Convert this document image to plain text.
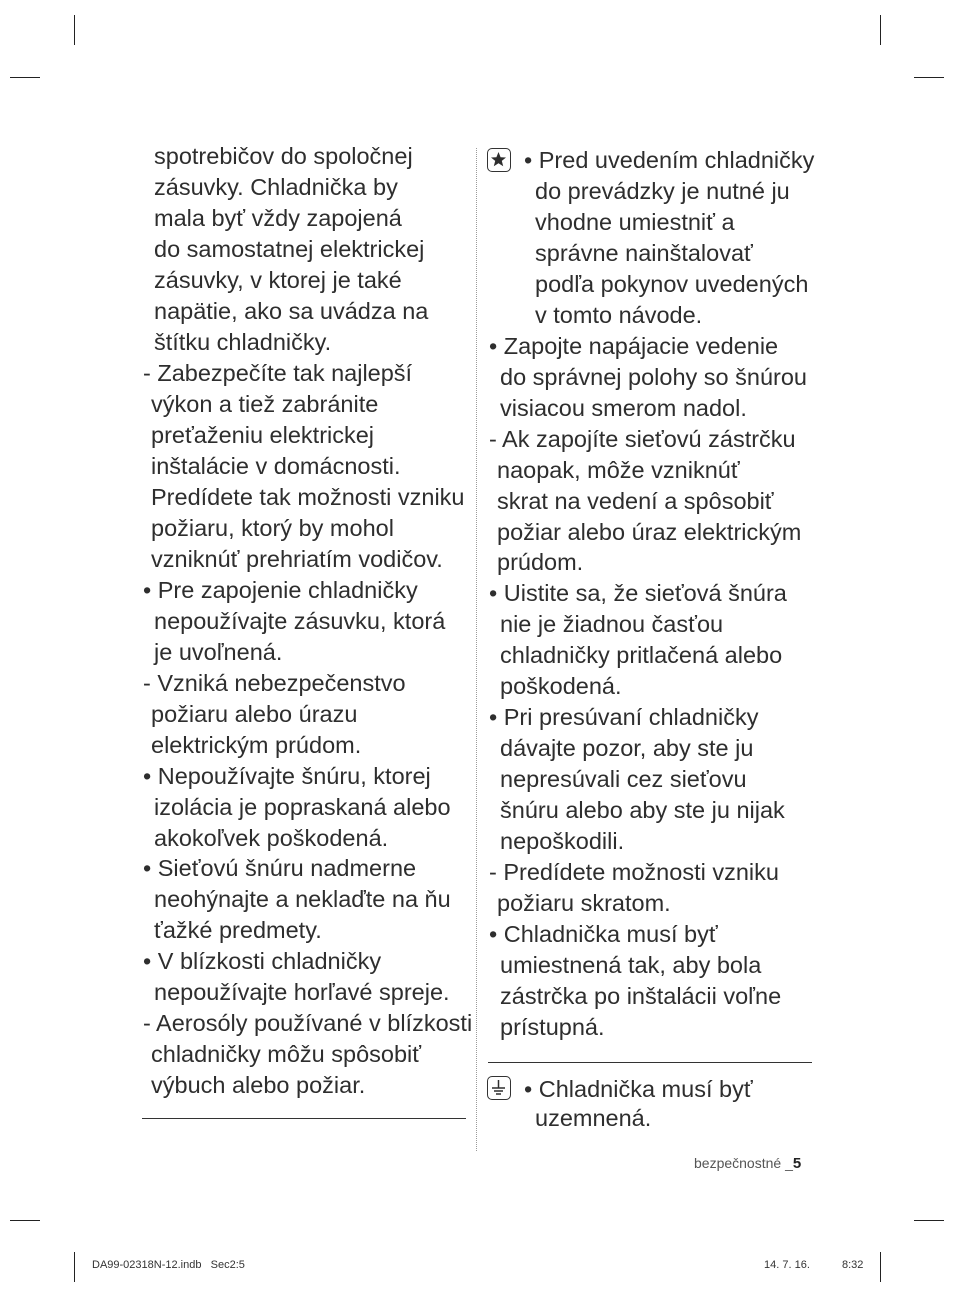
spotrebičov do spoločnej
zásuvky. Chladnička by
mala byť vždy zapojená
do samostatnej elektrickej
zásuvky, v ktorej je také
napätie, ako sa uvádza na
štítku chladničky.
- Zabezpečíte tak najlepší
výkon a tiež zabránite
preťaženiu elektrickej
inštalácie v domácnosti.
Predídete tak možnosti vzniku
požiaru, ktorý by mohol
vzniknúť prehriatím vodičov.
• Pre zapojenie chladničky
nepoužívajte zásuvku, ktorá
je uvoľnená.
- Vzniká nebezpečenstvo
požiaru alebo úrazu
elektrickým prúdom.
• Nepoužívajte šnúru, ktorej
izolácia je popraskaná alebo
akokoľvek poškodená.
• Sieťovú šnúru nadmerne
neohýnajte a neklaďte na ňu
ťažké predmety.
• V blízkosti chladničky
nepoužívajte horľavé spreje.
- Aerosóly používané v blízkosti
chladničky môžu spôsobiť
výbuch alebo požiar.
• Pred uvedením chladničky
do prevádzky je nutné ju
vhodne umiestniť a
správne nainštalovať
podľa pokynov uvedených
v tomto návode.
• Zapojte napájacie vedenie
do správnej polohy so šnúrou
visiacou smerom nadol.
- Ak zapojíte sieťovú zástrčku
naopak, môže vzniknúť
skrat na vedení a spôsobiť
požiar alebo úraz elektrickým
prúdom.
• Uistite sa, že sieťová šnúra
nie je žiadnou časťou
chladničky pritlačená alebo
poškodená.
• Pri presúvaní chladničky
dávajte pozor, aby ste ju
nepresúvali cez sieťovu
šnúru alebo aby ste ju nijak
nepoškodili.
- Predídete možnosti vzniku
požiaru skratom.
• Chladnička musí byť
umiestnená tak, aby bola
zástrčka po inštalácii voľne
prístupná.
• Chladnička musí byť
uzemnená.
bezpečnostné _5
DA99-02318N-12.indb   Sec2:5	14. 7. 16.	8:32
